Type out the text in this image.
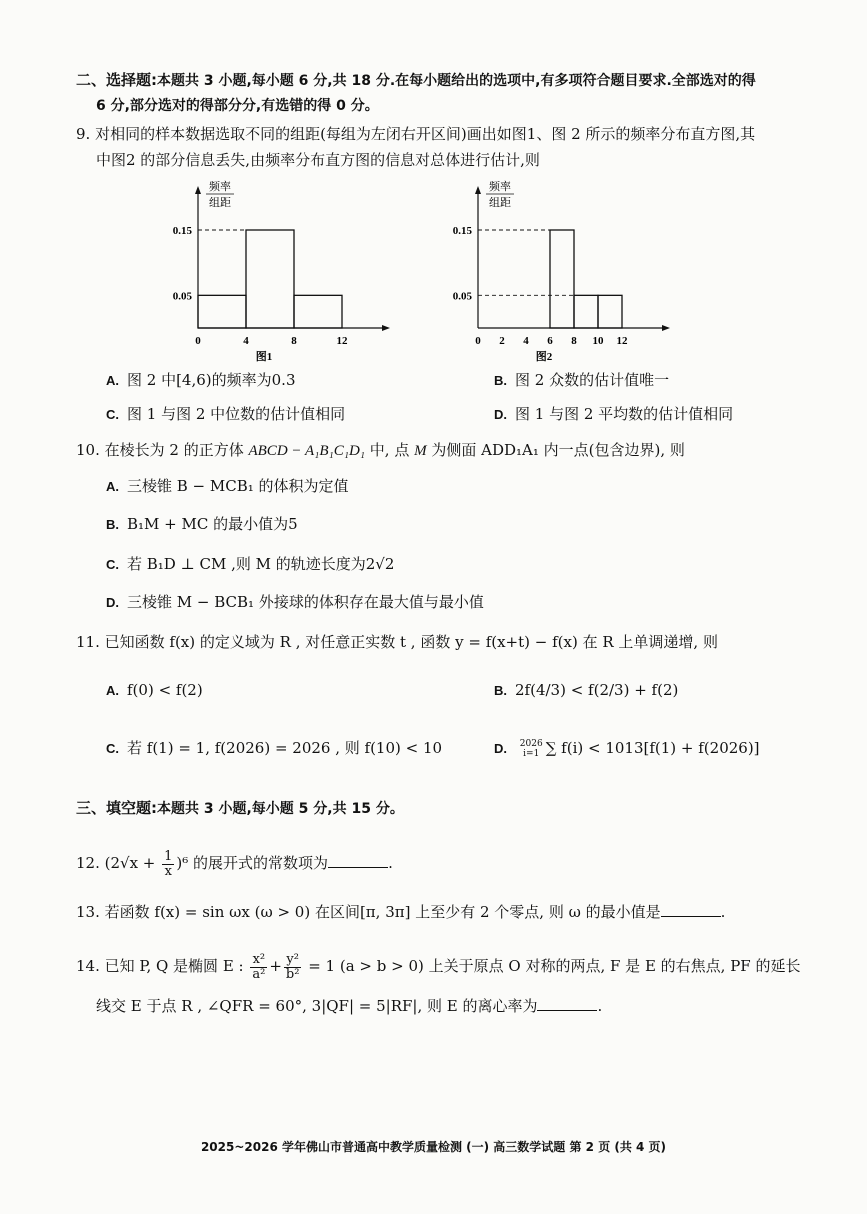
二、选择题:本题共 3 小题,每小题 6 分,共 18 分.在每小题给出的选项中,有多项符合题目要求.全部选对的得
6 分,部分选对的得部分分,有选错的得 0 分。
9. 对相同的样本数据选取不同的组距(每组为左闭右开区间)画出如图1、图 2 所示的频率分布直方图,其
中图2 的部分信息丢失,由频率分布直方图的信息对总体进行估计,则
频率
组距
0.05
0.15
0	4	8	12
图1
频率
组距
0.05
0.15
0 2 4 6 8 10 12
图2
A. 图 2 中[4,6)的频率为0.3	B. 图 2 众数的估计值唯一
C. 图 1 与图 2 中位数的估计值相同	D. 图 1 与图 2 平均数的估计值相同
10. 在棱长为 2 的正方体 ABCD − A₁B₁C₁D₁ 中, 点 M 为侧面 ADD₁A₁ 内一点(包含边界), 则
A. 三棱锥 B − MCB₁ 的体积为定值
B. B₁M + MC 的最小值为5
C. 若 B₁D ⊥ CM ,则 M 的轨迹长度为2√2
D. 三棱锥 M − BCB₁ 外接球的体积存在最大值与最小值
11. 已知函数 f(x) 的定义域为 R , 对任意正实数 t , 函数 y = f(x+t) − f(x) 在 R 上单调递增, 则
A. f(0) < f(2)	B. 2f(4/3) < f(2/3) + f(2)
C. 若 f(1) = 1, f(2026) = 2026 , 则 f(10) < 10	D. 2026
i=1 ∑ f(i) < 1013[f(1) + f(2026)]
三、填空题:本题共 3 小题,每小题 5 分,共 15 分。
12. $(2√x + \frac{1}{x} )^6$ 的展开式的常数项为	.
13. 若函数 f(x) = sin ωx (ω > 0) 在区间[π, 3π] 上至少有 2 个零点, 则 ω 的最小值是	.
14. 已知 P, Q 是椭圆 E : $\frac{\text{x²}}{\text{a²}} + \frac{\text{y²}}{\text{b²}} = 1$ (a > b > 0) 上关于原点 O 对称的两点, F 是 E 的右焦点, PF 的延长
线交 E 于点 R , ∠QFR = 60°, 3|QF| = 5|RF|, 则 E 的离心率为	.
2025~2026 学年佛山市普通高中教学质量检测 (一) 高三数学试题 第 2 页 (共 4 页)
